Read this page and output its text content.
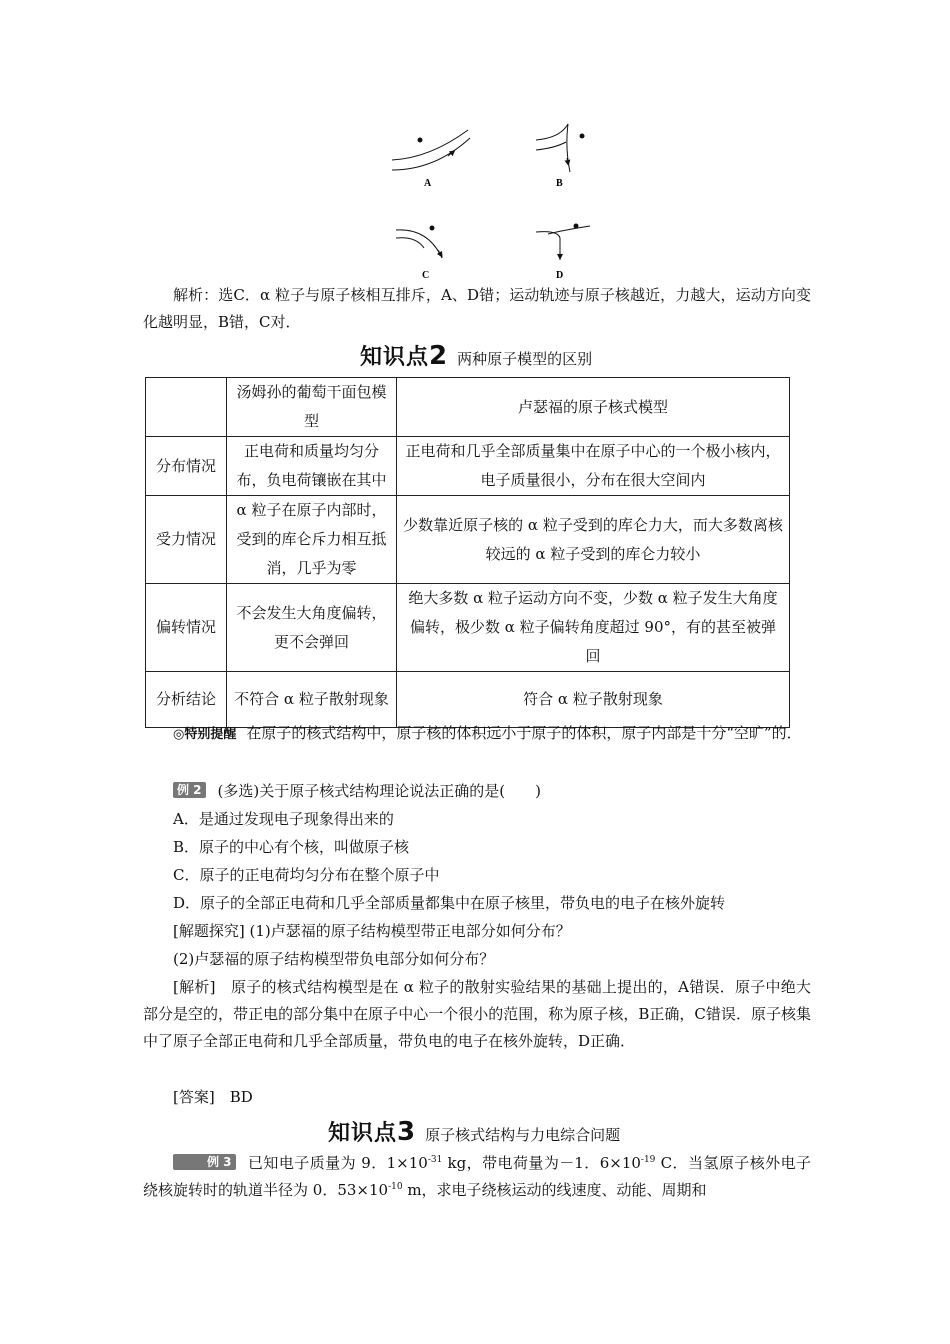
A	B
C	D
解析：选C．α 粒子与原子核相互排斥，A、D错；运动轨迹与原子核越近，力越大，运动方向变化越明显，B错，C对．
知识点 2 两种原子模型的区别
	汤姆孙的葡萄干面包模型	卢瑟福的原子核式模型
分布情况	正电荷和质量均匀分布，负电荷镶嵌在其中	正电荷和几乎全部质量集中在原子中心的一个极小核内，电子质量很小，分布在很大空间内
受力情况	α 粒子在原子内部时，受到的库仑斥力相互抵消，几乎为零	少数靠近原子核的 α 粒子受到的库仑力大，而大多数离核较远的 α 粒子受到的库仑力较小
偏转情况	不会发生大角度偏转，更不会弹回	绝大多数 α 粒子运动方向不变，少数 α 粒子发生大角度偏转，极少数 α 粒子偏转角度超过 90°，有的甚至被弹回
分析结论	不符合 α 粒子散射现象	符合 α 粒子散射现象
◎特别提醒 在原子的核式结构中，原子核的体积远小于原子的体积，原子内部是十分“空旷”的．
例 2 (多选)关于原子核式结构理论说法正确的是(　　)
A．是通过发现电子现象得出来的
B．原子的中心有个核，叫做原子核
C．原子的正电荷均匀分布在整个原子中
D．原子的全部正电荷和几乎全部质量都集中在原子核里，带负电的电子在核外旋转
[解题探究] (1)卢瑟福的原子结构模型带正电部分如何分布？
(2)卢瑟福的原子结构模型带负电部分如何分布？
[解析]　原子的核式结构模型是在 α 粒子的散射实验结果的基础上提出的，A错误．原子中绝大部分是空的，带正电的部分集中在原子中心一个很小的范围，称为原子核，B正确，C错误．原子核集中了原子全部正电荷和几乎全部质量，带负电的电子在核外旋转，D正确．
[答案]　BD
知识点 3 原子核式结构与力电综合问题
例 3 已知电子质量为 9．$1\times 10^{-31}$ kg，带电荷量为－1．$6\times 10^{-19}$ C．当氢原子核外电子绕核旋转时的轨道半径为 0．$53\times 10^{-10}$ m，求电子绕核运动的线速度、动能、周期和
